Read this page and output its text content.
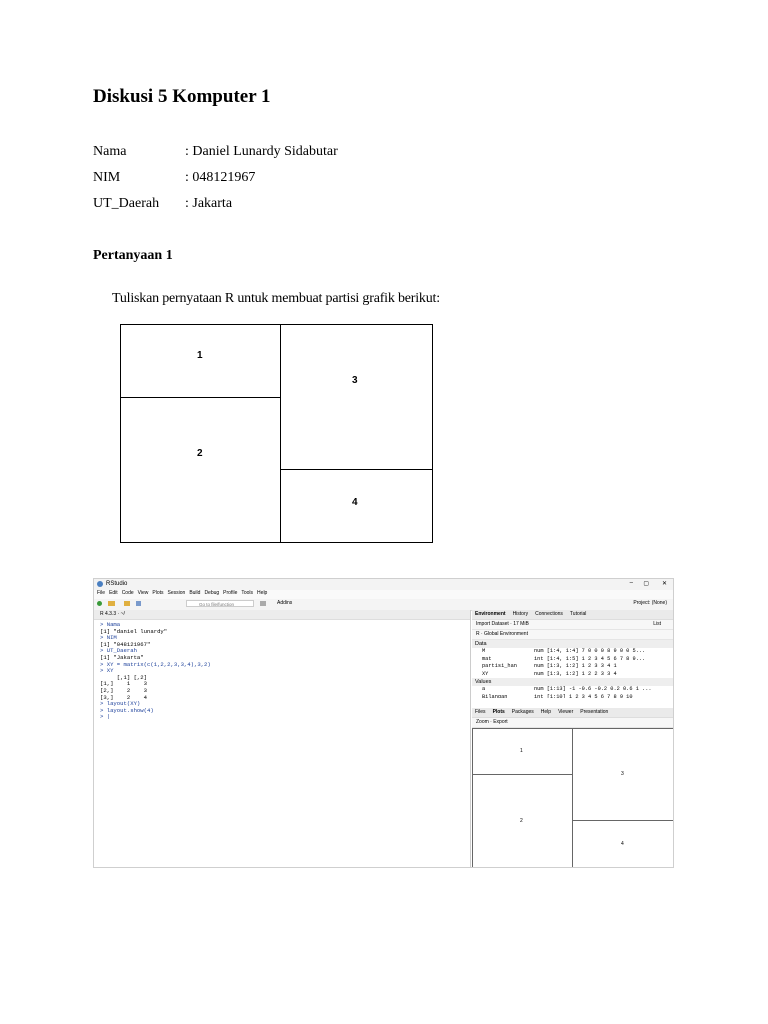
Diskusi 5 Komputer 1
Nama	: Daniel Lunardy Sidabutar
NIM	: 048121967
UT_Daerah : Jakarta
Pertanyaan 1
Tuliskan pernyataan R untuk membuat partisi grafik berikut:
1
2
3
4
RStudio	– ▢ ✕
File Edit Code View Plots Session Build Debug Profile Tools Help
Go to file/function	Addins	Project: (None)
R 4.3.3 · ~/
> Nama
[1] "daniel lunardy"
> NIM
[1] "048121967"
> UT_Daerah
[1] "Jakarta"
> XY = matrix(c(1,2,2,3,3,4),3,2)
> XY
[,1] [,2]
[1,]    1    3
[2,]    2    3
[3,]    2    4
> layout(XY)
> layout.show(4)
> |
Environment History Connections Tutorial
Import Dataset · 17 MiB	List
R · Global Environment
Data
M	num [1:4, 1:4] 7 0 0 0 8 9 0 0 5...
mat	int [1:4, 1:5] 1 2 3 4 5 6 7 8 9...
partisi_han	num [1:3, 1:2] 1 2 3 3 4 1
XY	num [1:3, 1:2] 1 2 2 3 3 4
Values
a	num [1:13] -1 -0.6 -0.2 0.2 0.6 1 ...
Bilangan	int [1:10] 1 2 3 4 5 6 7 8 9 10
Files Plots Packages Help Viewer Presentation
Zoom · Export
1
2
3
4
